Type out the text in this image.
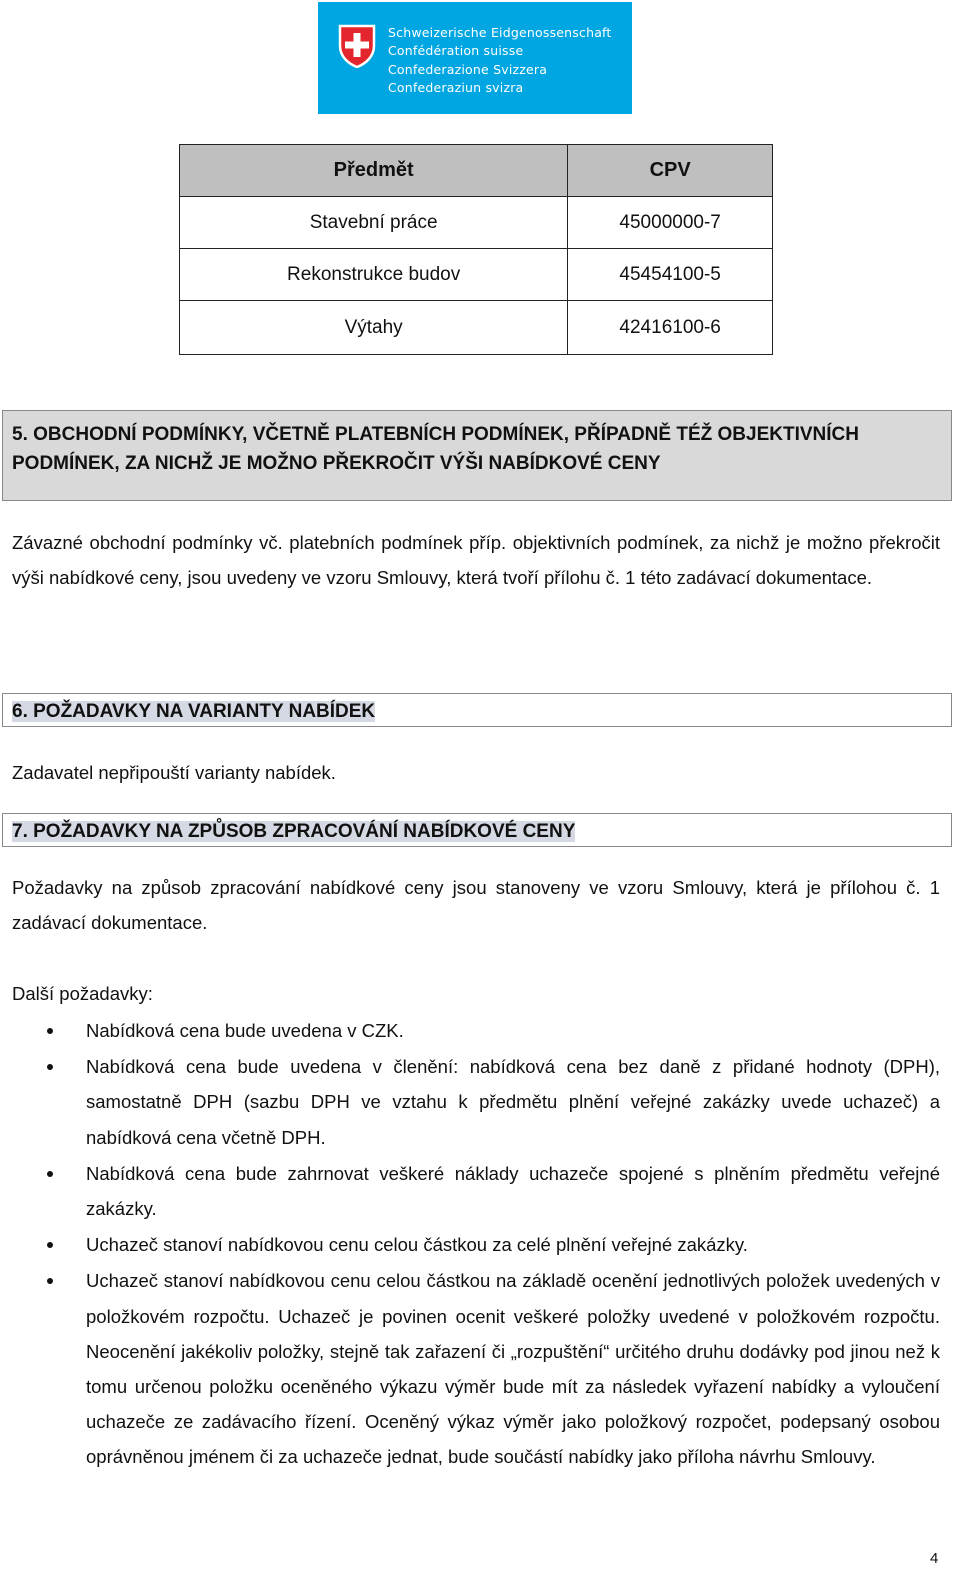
Schweizerische Eidgenossenschaft
Confédération suisse
Confederazione Svizzera
Confederaziun svizra
Předmět	CPV
Stavební práce	45000000-7
Rekonstrukce budov	45454100-5
Výtahy	42416100-6
5. OBCHODNÍ PODMÍNKY, VČETNĚ PLATEBNÍCH PODMÍNEK, PŘÍPADNĚ TÉŽ OBJEKTIVNÍCH PODMÍNEK, ZA NICHŽ JE MOŽNO PŘEKROČIT VÝŠI NABÍDKOVÉ CENY
Závazné obchodní podmínky vč. platebních podmínek příp. objektivních podmínek, za nichž je možno překročit výši nabídkové ceny, jsou uvedeny ve vzoru Smlouvy, která tvoří přílohu č. 1 této zadávací dokumentace.
6. POŽADAVKY NA VARIANTY NABÍDEK
Zadavatel nepřipouští varianty nabídek.
7. POŽADAVKY NA ZPŮSOB ZPRACOVÁNÍ NABÍDKOVÉ CENY
Požadavky na způsob zpracování nabídkové ceny jsou stanoveny ve vzoru Smlouvy, která je přílohou č. 1 zadávací dokumentace.
Další požadavky:
Nabídková cena bude uvedena v CZK.
Nabídková cena bude uvedena v členění: nabídková cena bez daně z přidané hodnoty (DPH), samostatně DPH (sazbu DPH ve vztahu k předmětu plnění veřejné zakázky uvede uchazeč) a nabídková cena včetně DPH.
Nabídková cena bude zahrnovat veškeré náklady uchazeče spojené s plněním předmětu veřejné zakázky.
Uchazeč stanoví nabídkovou cenu celou částkou za celé plnění veřejné zakázky.
Uchazeč stanoví nabídkovou cenu celou částkou na základě ocenění jednotlivých položek uvedených v položkovém rozpočtu. Uchazeč je povinen ocenit veškeré položky uvedené v položkovém rozpočtu. Neocenění jakékoliv položky, stejně tak zařazení či „rozpuštění“ určitého druhu dodávky pod jinou než k tomu určenou položku oceněného výkazu výměr bude mít za následek vyřazení nabídky a vyloučení uchazeče ze zadávacího řízení. Oceněný výkaz výměr jako položkový rozpočet, podepsaný osobou oprávněnou jménem či za uchazeče jednat, bude součástí nabídky jako příloha návrhu Smlouvy.
4
